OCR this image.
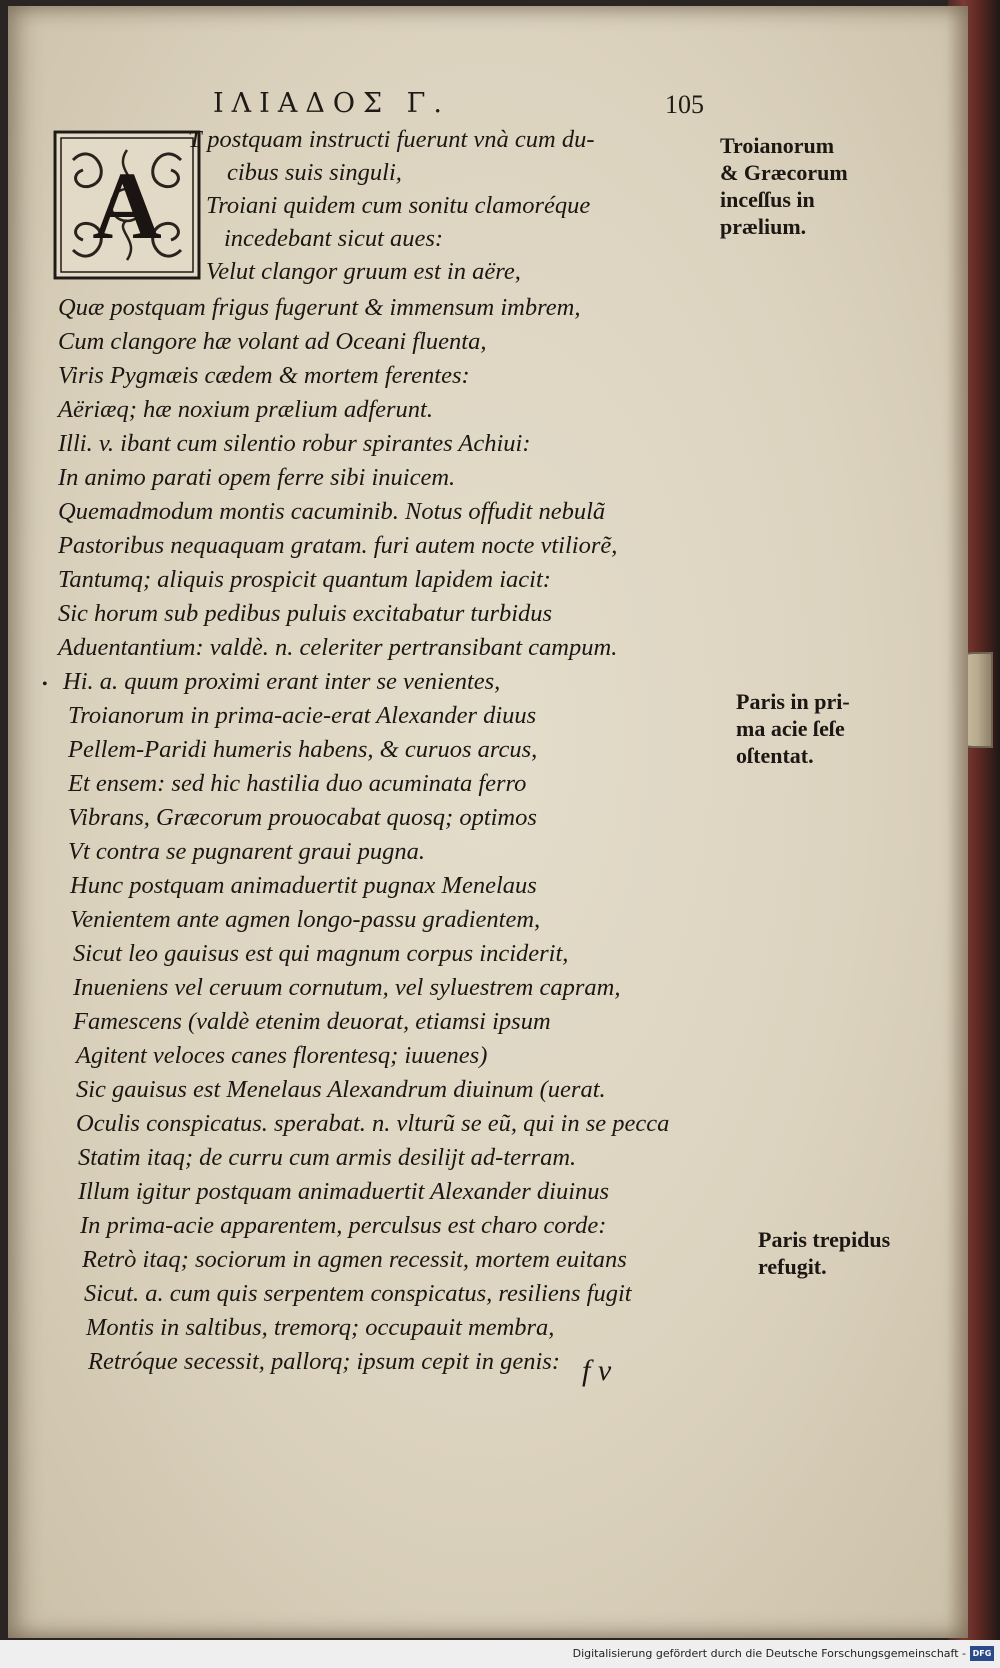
ΙΛΙΑΔΟΣ Γ.	105
A
•
T postquam instructi fuerunt vnà cum du-
cibus suis singuli,
Troiani quidem cum sonitu clamoréque
incedebant sicut aues:
Velut clangor gruum est in aëre,
Quæ postquam frigus fugerunt & immensum imbrem,
Cum clangore hæ volant ad Oceani fluenta,
Viris Pygmæis cædem & mortem ferentes:
Aëriæq; hæ noxium prælium adferunt.
Illi. v. ibant cum silentio robur spirantes Achiui:
In animo parati opem ferre sibi inuicem.
Quemadmodum montis cacuminib. Notus offudit nebulã
Pastoribus nequaquam gratam. furi autem nocte vtiliorẽ,
Tantumq; aliquis prospicit quantum lapidem iacit:
Sic horum sub pedibus puluis excitabatur turbidus
Aduentantium: valdè. n. celeriter pertransibant campum.
Hi. a. quum proximi erant inter se venientes,
Troianorum in prima-acie-erat Alexander diuus
Pellem-Paridi humeris habens, & curuos arcus,
Et ensem: sed hic hastilia duo acuminata ferro
Vibrans, Græcorum prouocabat quosq; optimos
Vt contra se pugnarent graui pugna.
Hunc postquam animaduertit pugnax Menelaus
Venientem ante agmen longo-passu gradientem,
Sicut leo gauisus est qui magnum corpus inciderit,
Inueniens vel ceruum cornutum, vel syluestrem capram,
Famescens (valdè etenim deuorat, etiamsi ipsum
Agitent veloces canes florentesq; iuuenes)
Sic gauisus est Menelaus Alexandrum diuinum (uerat.
Oculis conspicatus. sperabat. n. vlturũ se eũ, qui in se pecca
Statim itaq; de curru cum armis desilijt ad-terram.
Illum igitur postquam animaduertit Alexander diuinus
In prima-acie apparentem, perculsus est charo corde:
Retrò itaq; sociorum in agmen recessit, mortem euitans
Sicut. a. cum quis serpentem conspicatus, resiliens fugit
Montis in saltibus, tremorq; occupauit membra,
Retróque secessit, pallorq; ipsum cepit in genis:
Troianorum
& Græcorum
inceſſus in
prælium.
Paris in pri-
ma acie ſeſe
oſtentat.
Paris trepidus
refugit.
f v
Digitalisierung gefördert durch die Deutsche Forschungsgemeinschaft - DFG
